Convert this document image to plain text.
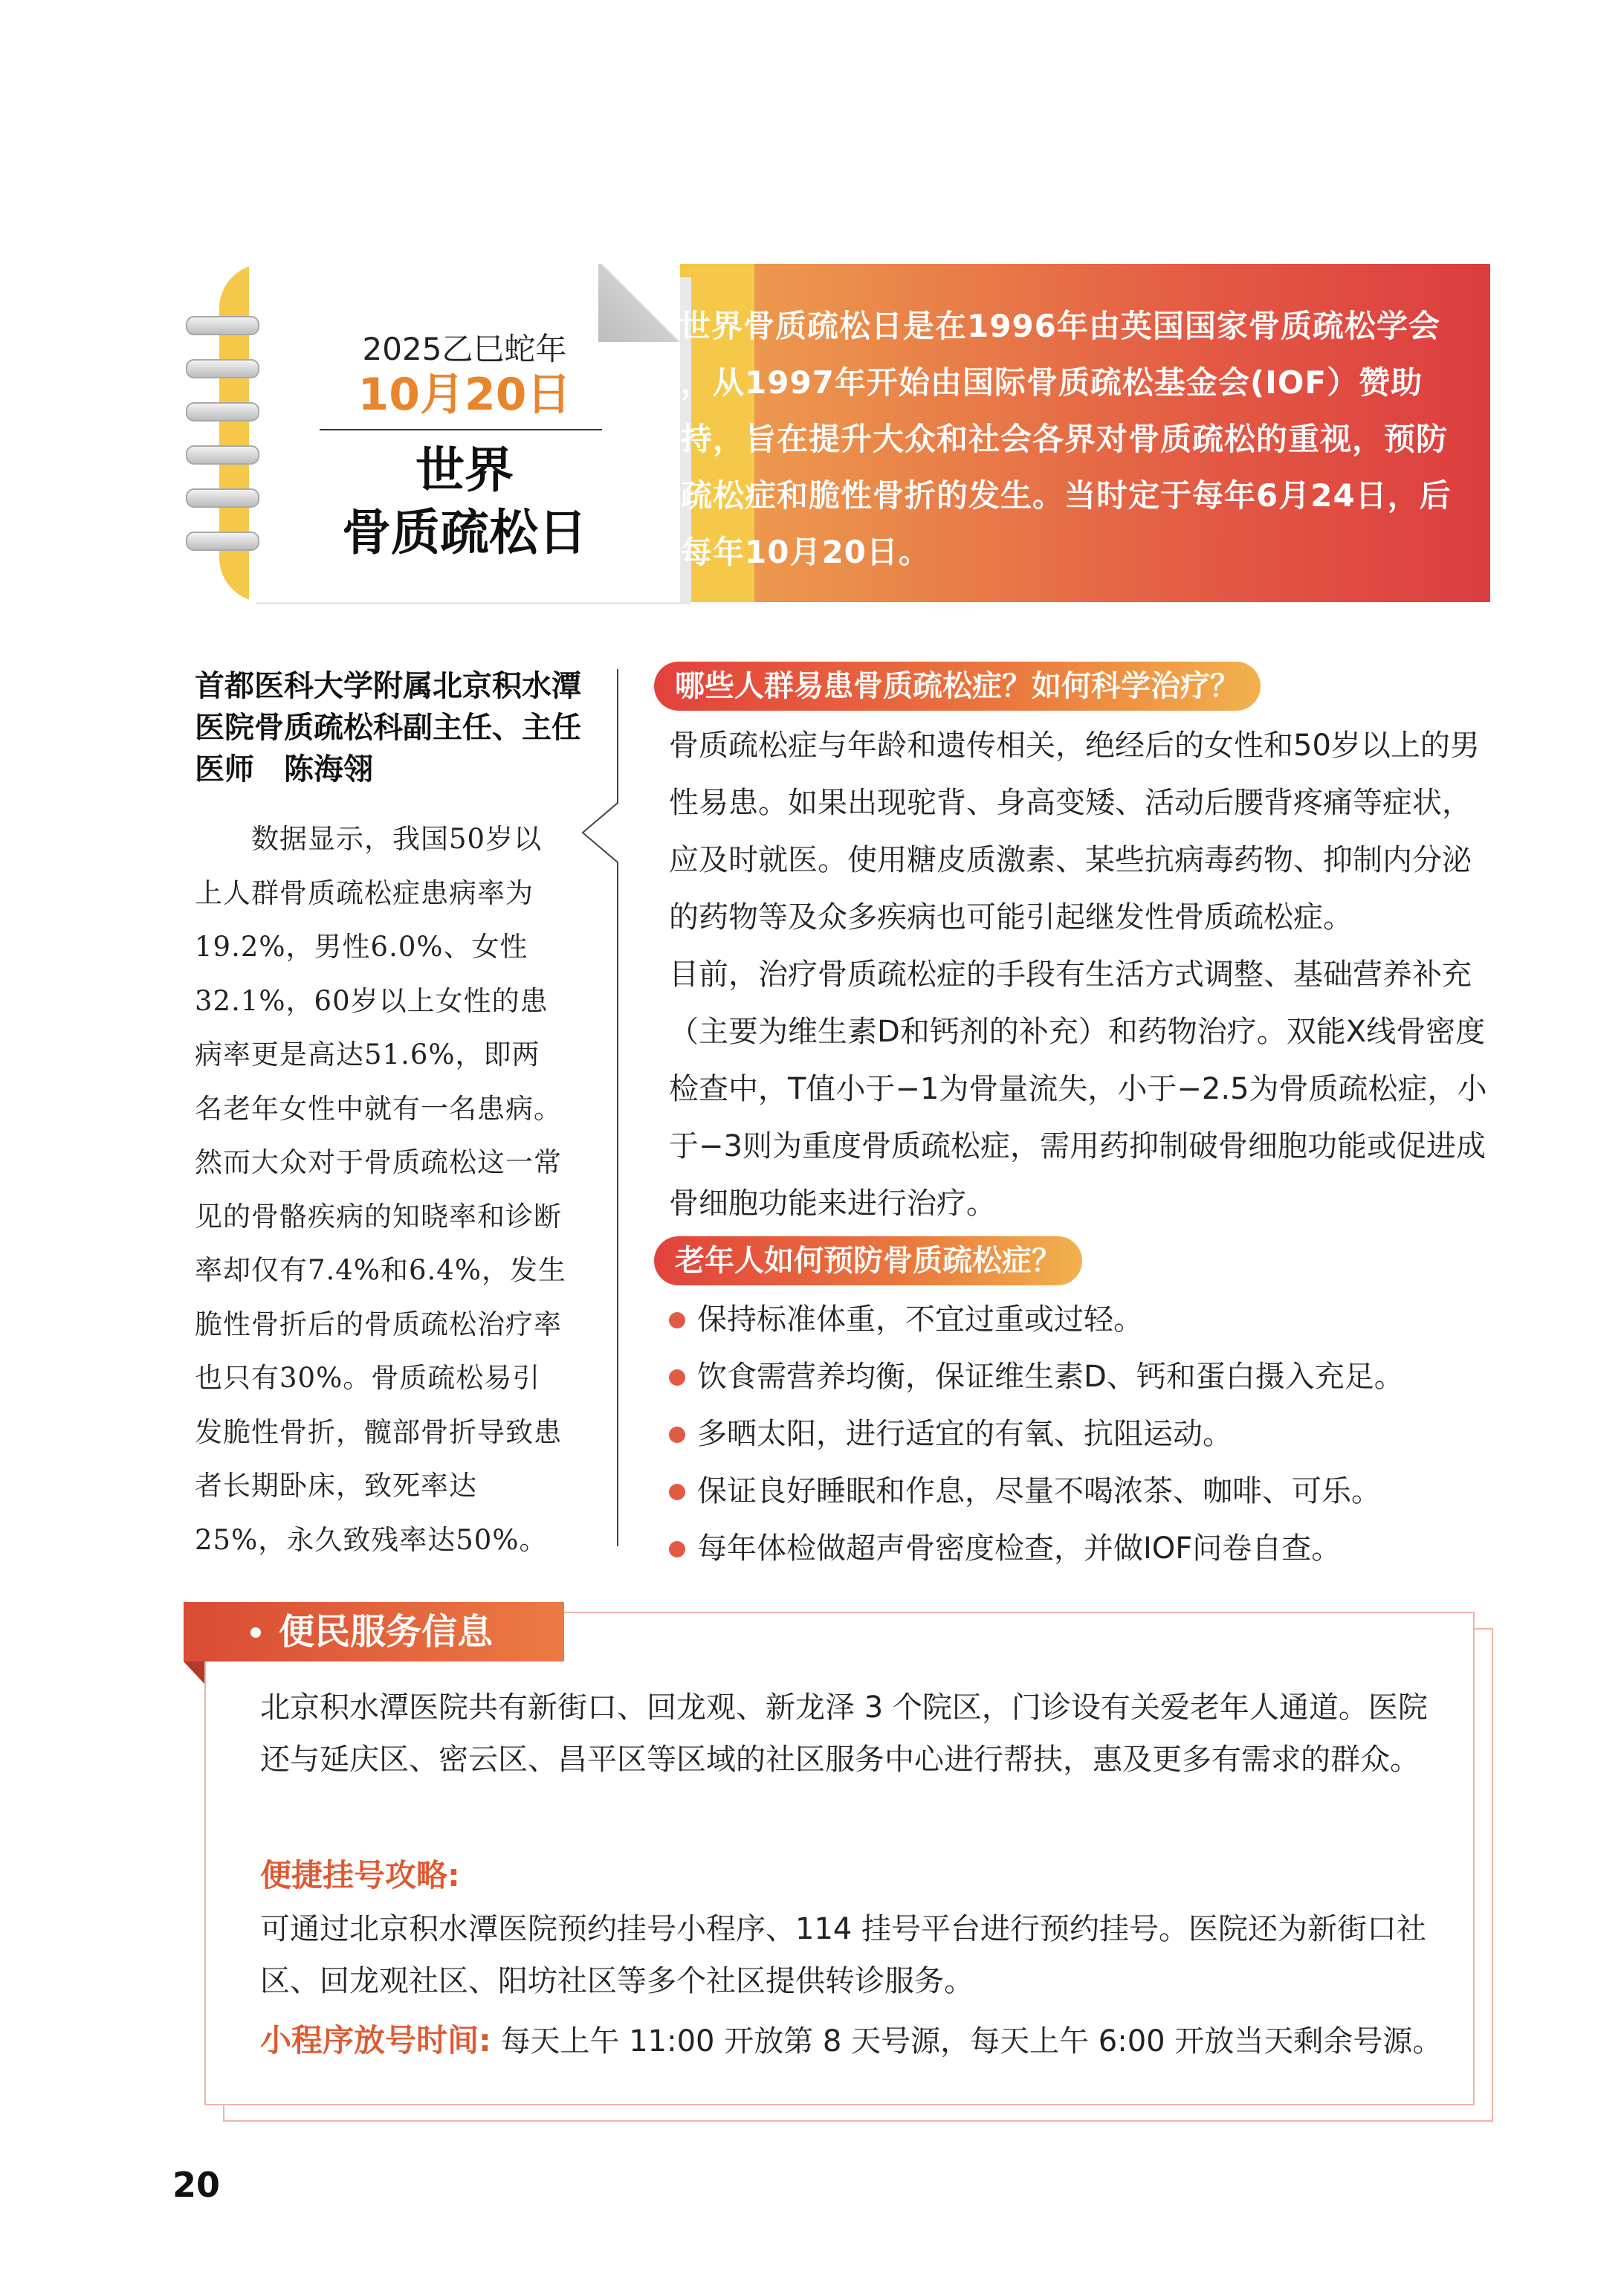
2025乙巳蛇年
10月20日
世界
骨质疏松日
世界骨质疏松日是在1996年由英国国家骨质疏松学会创办，从1997年开始由国际骨质疏松基金会(IOF）赞助和支持，旨在提升大众和社会各界对骨质疏松的重视，预防骨质疏松症和脆性骨折的发生。当时定于每年6月24日，后改为每年10月20日。
首都医科大学附属北京积水潭医院骨质疏松科副主任、主任医师　陈海翎
数据显示，我国50岁以上人群骨质疏松症患病率为19.2%，男性6.0%、女性32.1%，60岁以上女性的患病率更是高达51.6%，即两名老年女性中就有一名患病。然而大众对于骨质疏松这一常见的骨骼疾病的知晓率和诊断率却仅有7.4%和6.4%，发生脆性骨折后的骨质疏松治疗率也只有30%。骨质疏松易引发脆性骨折，髋部骨折导致患者长期卧床，致死率达25%，永久致残率达50%。
哪些人群易患骨质疏松症？如何科学治疗？

骨质疏松症与年龄和遗传相关，绝经后的女性和50岁以上的男性易患。如果出现驼背、身高变矮、活动后腰背疼痛等症状，应及时就医。使用糖皮质激素、某些抗病毒药物、抑制内分泌的药物等及众多疾病也可能引起继发性骨质疏松症。

目前，治疗骨质疏松症的手段有生活方式调整、基础营养补充（主要为维生素D和钙剂的补充）和药物治疗。双能X线骨密度检查中，T值小于−1为骨量流失，小于−2.5为骨质疏松症，小于−3则为重度骨质疏松症，需用药抑制破骨细胞功能或促进成骨细胞功能来进行治疗。

老年人如何预防骨质疏松症？
保持标准体重，不宜过重或过轻。
饮食需营养均衡，保证维生素D、钙和蛋白摄入充足。
多晒太阳，进行适宜的有氧、抗阻运动。
保证良好睡眠和作息，尽量不喝浓茶、咖啡、可乐。
每年体检做超声骨密度检查，并做IOF问卷自查。
便民服务信息
北京积水潭医院共有新街口、回龙观、新龙泽 3 个院区，门诊设有关爱老年人通道。医院还与延庆区、密云区、昌平区等区域的社区服务中心进行帮扶，惠及更多有需求的群众。
便捷挂号攻略:
可通过北京积水潭医院预约挂号小程序、114 挂号平台进行预约挂号。医院还为新街口社区、回龙观社区、阳坊社区等多个社区提供转诊服务。
小程序放号时间: 每天上午 11:00 开放第 8 天号源，每天上午 6:00 开放当天剩余号源。
20
